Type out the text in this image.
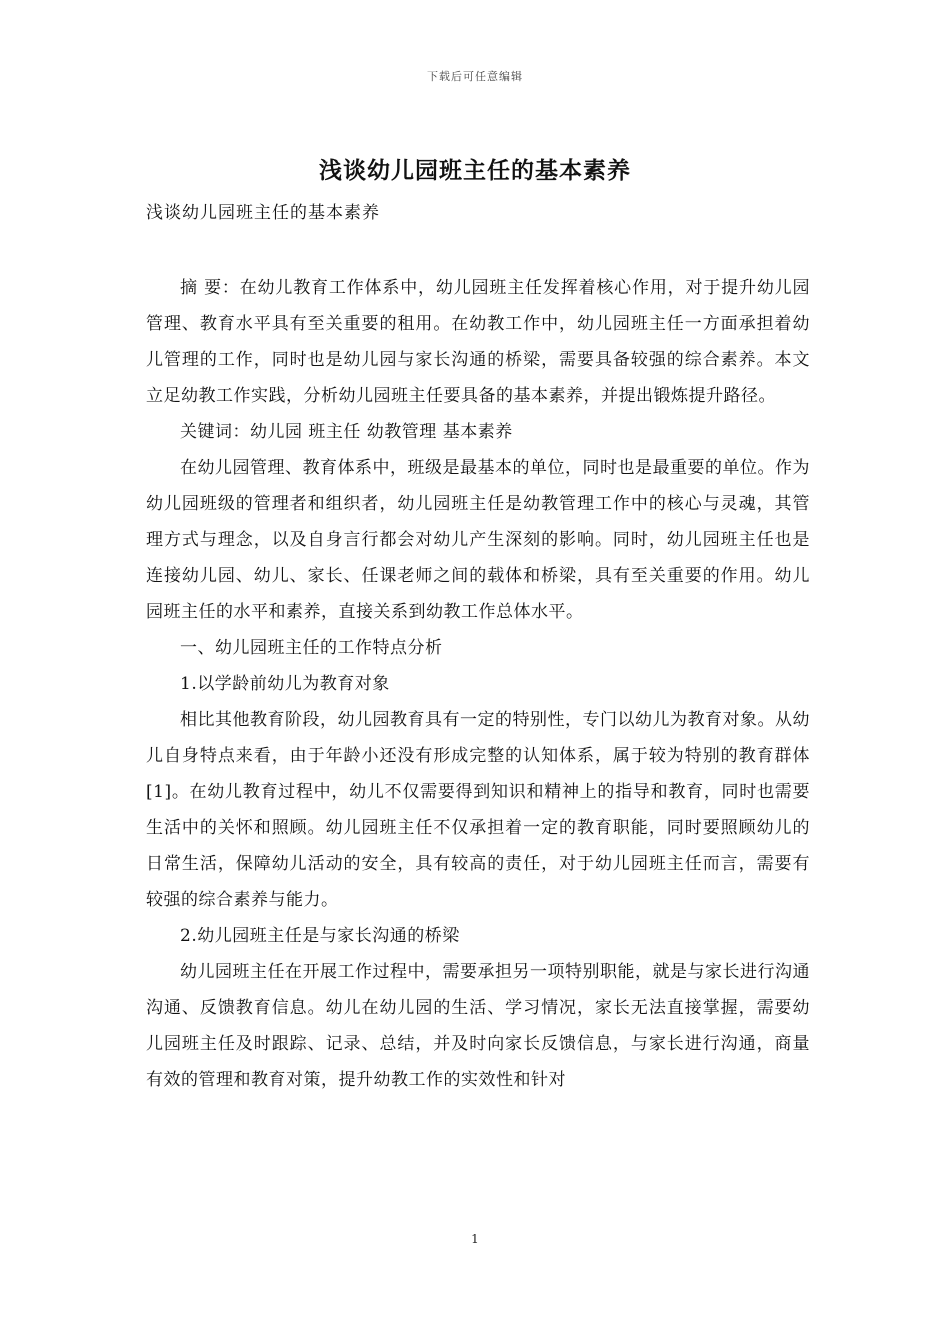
下载后可任意编辑
浅谈幼儿园班主任的基本素养
浅谈幼儿园班主任的基本素养

摘 要：在幼儿教育工作体系中，幼儿园班主任发挥着核心作用，对于提升幼儿园管理、教育水平具有至关重要的租用。在幼教工作中，幼儿园班主任一方面承担着幼儿管理的工作，同时也是幼儿园与家长沟通的桥梁，需要具备较强的综合素养。本文立足幼教工作实践，分析幼儿园班主任要具备的基本素养，并提出锻炼提升路径。

关键词：幼儿园 班主任 幼教管理 基本素养

在幼儿园管理、教育体系中，班级是最基本的单位，同时也是最重要的单位。作为幼儿园班级的管理者和组织者，幼儿园班主任是幼教管理工作中的核心与灵魂，其管理方式与理念，以及自身言行都会对幼儿产生深刻的影响。同时，幼儿园班主任也是连接幼儿园、幼儿、家长、任课老师之间的载体和桥梁，具有至关重要的作用。幼儿园班主任的水平和素养，直接关系到幼教工作总体水平。

一、幼儿园班主任的工作特点分析

1.以学龄前幼儿为教育对象

相比其他教育阶段，幼儿园教育具有一定的特别性，专门以幼儿为教育对象。从幼儿自身特点来看，由于年龄小还没有形成完整的认知体系，属于较为特别的教育群体[1]。在幼儿教育过程中，幼儿不仅需要得到知识和精神上的指导和教育，同时也需要生活中的关怀和照顾。幼儿园班主任不仅承担着一定的教育职能，同时要照顾幼儿的日常生活，保障幼儿活动的安全，具有较高的责任，对于幼儿园班主任而言，需要有较强的综合素养与能力。

2.幼儿园班主任是与家长沟通的桥梁

幼儿园班主任在开展工作过程中，需要承担另一项特别职能，就是与家长进行沟通沟通、反馈教育信息。幼儿在幼儿园的生活、学习情况，家长无法直接掌握，需要幼儿园班主任及时跟踪、记录、总结，并及时向家长反馈信息，与家长进行沟通，商量有效的管理和教育对策，提升幼教工作的实效性和针对

1
